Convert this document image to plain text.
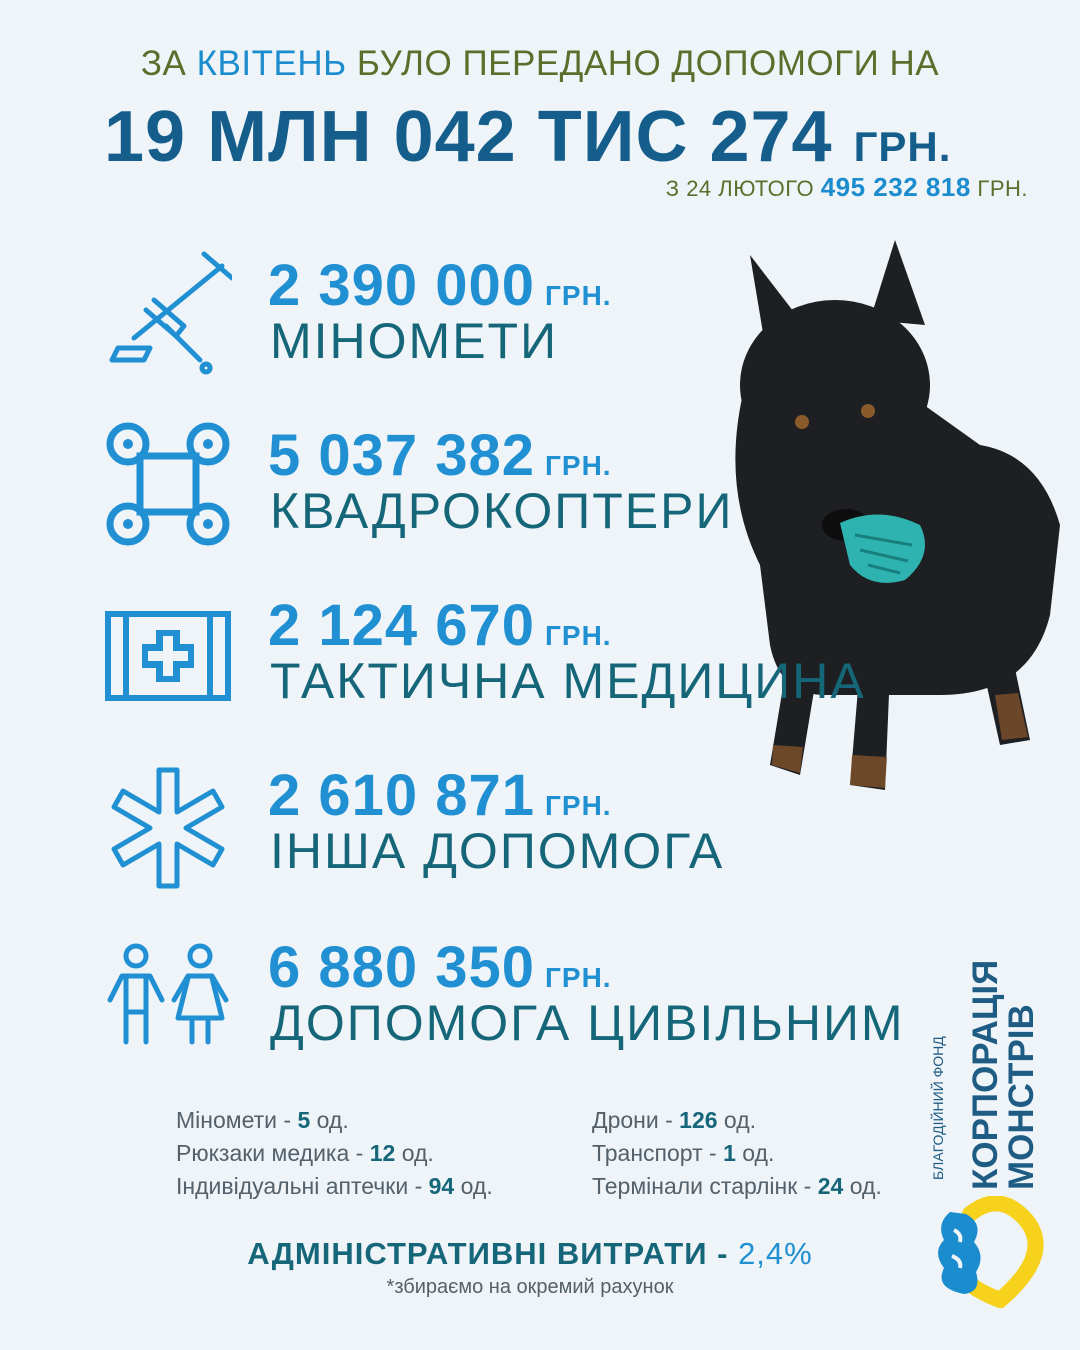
ЗА КВІТЕНЬ БУЛО ПЕРЕДАНО ДОПОМОГИ НА
19 МЛН 042 ТИС 274 ГРН.
З 24 ЛЮТОГО 495 232 818 ГРН.
2 390 000 ГРН.
МІНОМЕТИ
5 037 382 ГРН.
КВАДРОКОПТЕРИ
2 124 670 ГРН.
ТАКТИЧНА МЕДИЦИНА
2 610 871 ГРН.
ІНША ДОПОМОГА
6 880 350 ГРН.
ДОПОМОГА ЦИВІЛЬНИМ
Міномети - 5 од.
Рюкзаки медика - 12 од.
Індивідуальні аптечки - 94 од.
Дрони - 126 од.
Транспорт - 1 од.
Термінали старлінк - 24 од.
АДМІНІСТРАТИВНІ ВИТРАТИ - 2,4%
*збираємо на окремий рахунок
БЛАГОДІЙНИЙ ФОНД КОРПОРАЦІЯ
МОНСТРІВ
